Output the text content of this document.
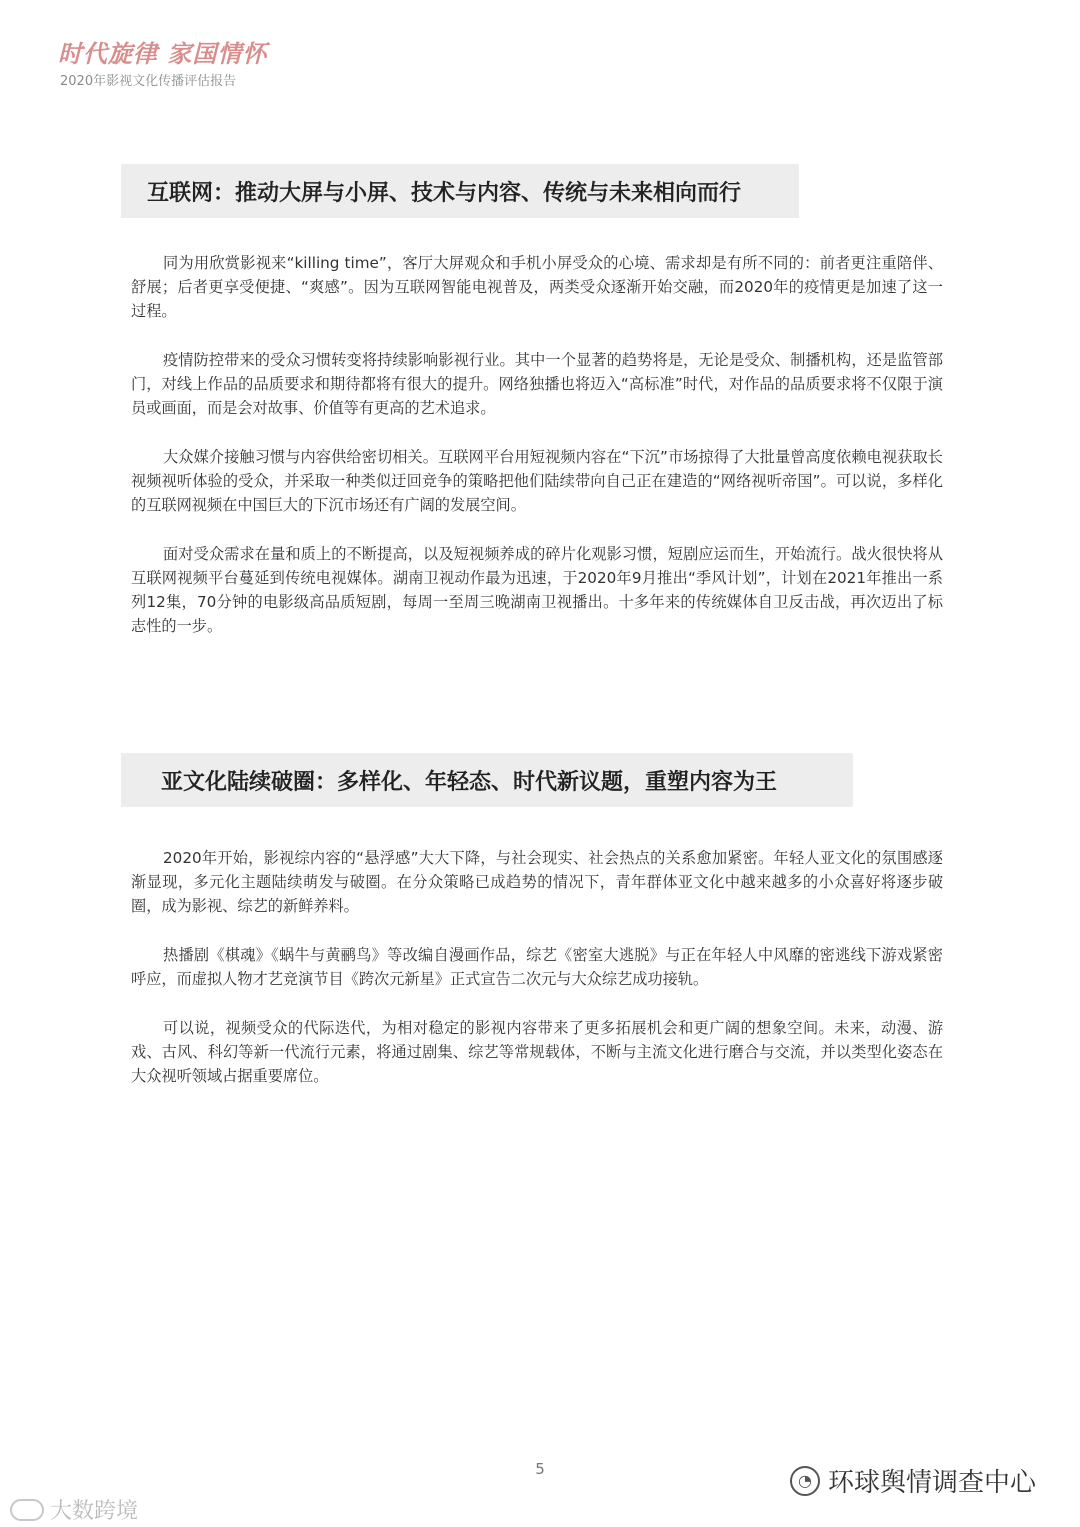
时代旋律 家国情怀
2020年影视文化传播评估报告
互联网：推动大屏与小屏、技术与内容、传统与未来相向而行

同为用欣赏影视来“killing time”，客厅大屏观众和手机小屏受众的心境、需求却是有所不同的：前者更注重陪伴、舒展；后者更享受便捷、“爽感”。因为互联网智能电视普及，两类受众逐渐开始交融，而2020年的疫情更是加速了这一过程。

疫情防控带来的受众习惯转变将持续影响影视行业。其中一个显著的趋势将是，无论是受众、制播机构，还是监管部门，对线上作品的品质要求和期待都将有很大的提升。网络独播也将迈入“高标准”时代，对作品的品质要求将不仅限于演员或画面，而是会对故事、价值等有更高的艺术追求。

大众媒介接触习惯与内容供给密切相关。互联网平台用短视频内容在“下沉”市场掠得了大批量曾高度依赖电视获取长视频视听体验的受众，并采取一种类似迂回竞争的策略把他们陆续带向自己正在建造的“网络视听帝国”。可以说，多样化的互联网视频在中国巨大的下沉市场还有广阔的发展空间。

面对受众需求在量和质上的不断提高，以及短视频养成的碎片化观影习惯，短剧应运而生，开始流行。战火很快将从互联网视频平台蔓延到传统电视媒体。湖南卫视动作最为迅速，于2020年9月推出“季风计划”，计划在2021年推出一系列12集，70分钟的电影级高品质短剧，每周一至周三晚湖南卫视播出。十多年来的传统媒体自卫反击战，再次迈出了标志性的一步。

亚文化陆续破圈：多样化、年轻态、时代新议题，重塑内容为王

2020年开始，影视综内容的“悬浮感”大大下降，与社会现实、社会热点的关系愈加紧密。年轻人亚文化的氛围感逐渐显现，多元化主题陆续萌发与破圈。在分众策略已成趋势的情况下，青年群体亚文化中越来越多的小众喜好将逐步破圈，成为影视、综艺的新鲜养料。

热播剧《棋魂》《蜗牛与黄鹂鸟》等改编自漫画作品，综艺《密室大逃脱》与正在年轻人中风靡的密逃线下游戏紧密呼应，而虚拟人物才艺竞演节目《跨次元新星》正式宣告二次元与大众综艺成功接轨。

可以说，视频受众的代际迭代，为相对稳定的影视内容带来了更多拓展机会和更广阔的想象空间。未来，动漫、游戏、古风、科幻等新一代流行元素，将通过剧集、综艺等常规载体，不断与主流文化进行磨合与交流，并以类型化姿态在大众视听领域占据重要席位。

5
◔ 环球舆情调查中心
大数跨境
